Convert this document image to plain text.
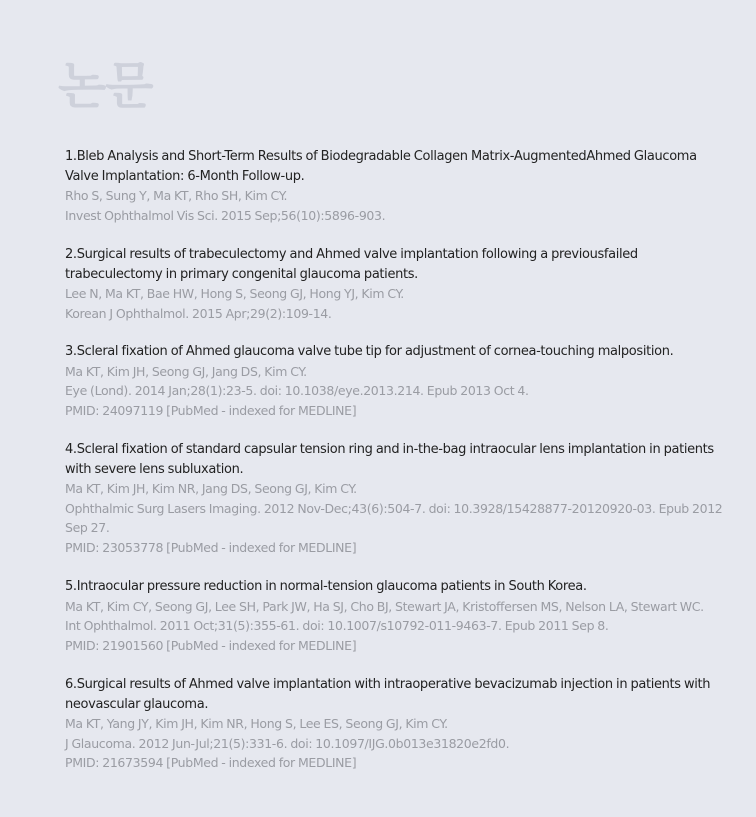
논문
1.Bleb Analysis and Short-Term Results of Biodegradable Collagen Matrix-AugmentedAhmed Glaucoma Valve Implantation: 6-Month Follow-up.
Rho S, Sung Y, Ma KT, Rho SH, Kim CY.
Invest Ophthalmol Vis Sci. 2015 Sep;56(10):5896-903.
2.Surgical results of trabeculectomy and Ahmed valve implantation following a previousfailed trabeculectomy in primary congenital glaucoma patients.
Lee N, Ma KT, Bae HW, Hong S, Seong GJ, Hong YJ, Kim CY.
Korean J Ophthalmol. 2015 Apr;29(2):109-14.
3.Scleral fixation of Ahmed glaucoma valve tube tip for adjustment of cornea-touching malposition.
Ma KT, Kim JH, Seong GJ, Jang DS, Kim CY.
Eye (Lond). 2014 Jan;28(1):23-5. doi: 10.1038/eye.2013.214. Epub 2013 Oct 4.
PMID: 24097119 [PubMed - indexed for MEDLINE]
4.Scleral fixation of standard capsular tension ring and in-the-bag intraocular lens implantation in patients with severe lens subluxation.
Ma KT, Kim JH, Kim NR, Jang DS, Seong GJ, Kim CY.
Ophthalmic Surg Lasers Imaging. 2012 Nov-Dec;43(6):504-7. doi: 10.3928/15428877-20120920-03. Epub 2012 Sep 27.
PMID: 23053778 [PubMed - indexed for MEDLINE]
5.Intraocular pressure reduction in normal-tension glaucoma patients in South Korea.
Ma KT, Kim CY, Seong GJ, Lee SH, Park JW, Ha SJ, Cho BJ, Stewart JA, Kristoffersen MS, Nelson LA, Stewart WC.
Int Ophthalmol. 2011 Oct;31(5):355-61. doi: 10.1007/s10792-011-9463-7. Epub 2011 Sep 8.
PMID: 21901560 [PubMed - indexed for MEDLINE]
6.Surgical results of Ahmed valve implantation with intraoperative bevacizumab injection in patients with neovascular glaucoma.
Ma KT, Yang JY, Kim JH, Kim NR, Hong S, Lee ES, Seong GJ, Kim CY.
J Glaucoma. 2012 Jun-Jul;21(5):331-6. doi: 10.1097/IJG.0b013e31820e2fd0.
PMID: 21673594 [PubMed - indexed for MEDLINE]
